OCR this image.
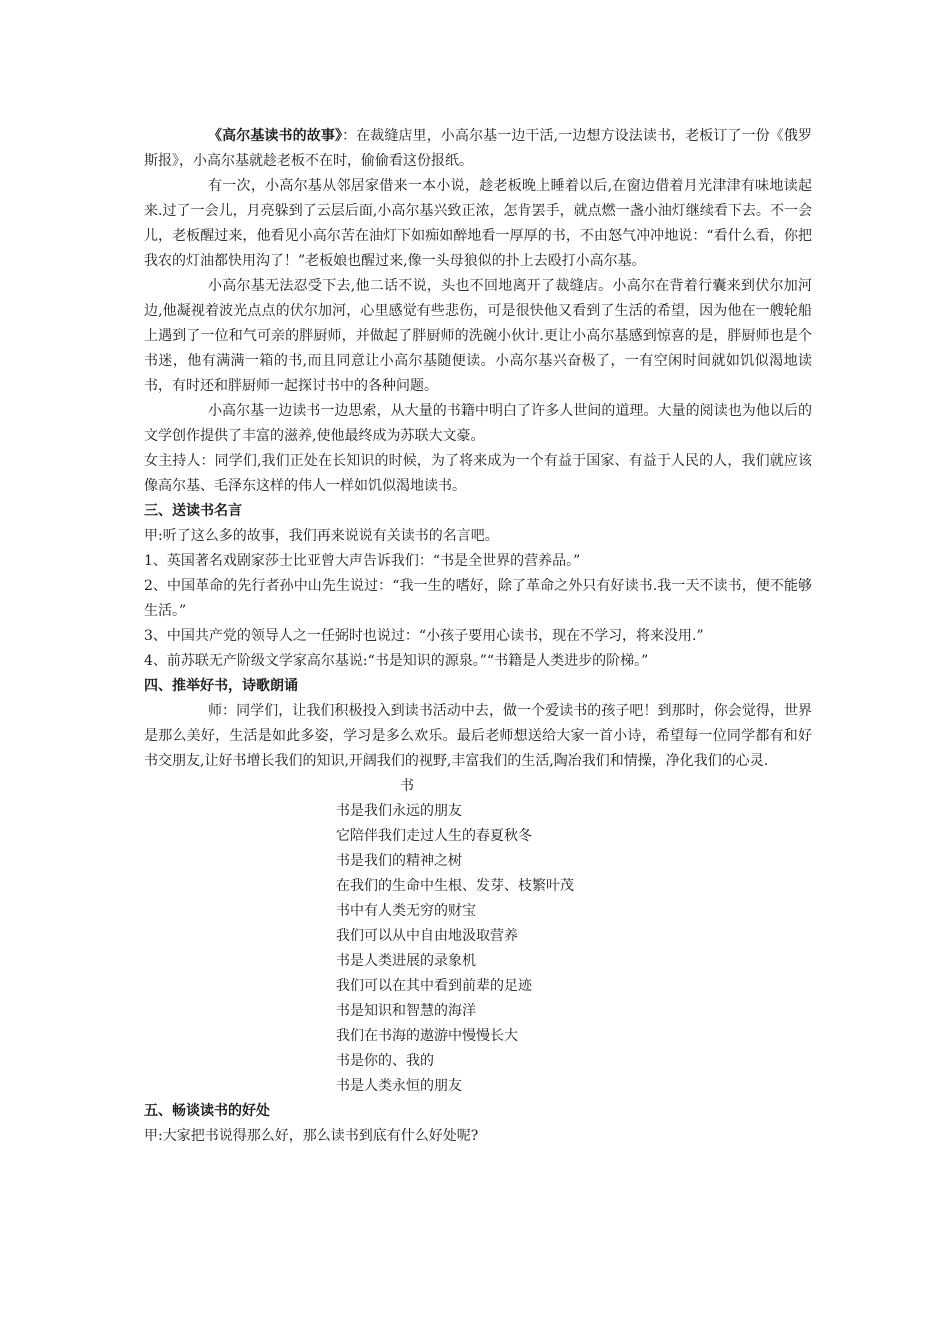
《高尔基读书的故事》：在裁缝店里，小高尔基一边干活,一边想方设法读书，老板订了一份《俄罗斯报》，小高尔基就趁老板不在时，偷偷看这份报纸。

有一次，小高尔基从邻居家借来一本小说，趁老板晚上睡着以后,在窗边借着月光津津有味地读起来.过了一会儿，月亮躲到了云层后面,小高尔基兴致正浓，怎肯罢手，就点燃一盏小油灯继续看下去。不一会儿，老板醒过来，他看见小高尔苦在油灯下如痴如醉地看一厚厚的书，不由怒气冲冲地说：“看什么看，你把我农的灯油都快用沟了！”老板娘也醒过来,像一头母狼似的扑上去殴打小高尔基。

小高尔基无法忍受下去,他二话不说，头也不回地离开了裁缝店。小高尔在背着行囊来到伏尔加河边,他凝视着波光点点的伏尔加河，心里感觉有些悲伤，可是很快他又看到了生活的希望，因为他在一艘轮船上遇到了一位和气可亲的胖厨师，并做起了胖厨师的洗碗小伙计.更让小高尔基感到惊喜的是，胖厨师也是个书迷，他有满满一箱的书,而且同意让小高尔基随便读。小高尔基兴奋极了，一有空闲时间就如饥似渴地读书，有时还和胖厨师一起探讨书中的各种问题。

小高尔基一边读书一边思索，从大量的书籍中明白了许多人世间的道理。大量的阅读也为他以后的文学创作提供了丰富的滋养,使他最终成为苏联大文豪。

女主持人：同学们,我们正处在长知识的时候，为了将来成为一个有益于国家、有益于人民的人，我们就应该像高尔基、毛泽东这样的伟人一样如饥似渴地读书。

三、送读书名言

甲:听了这么多的故事，我们再来说说有关读书的名言吧。

1、英国著名戏剧家莎士比亚曾大声告诉我们：“书是全世界的营养品。”

2、中国革命的先行者孙中山先生说过：“我一生的嗜好，除了革命之外只有好读书.我一天不读书，便不能够生活。”

3、中国共产党的领导人之一任弼时也说过：“小孩子要用心读书，现在不学习，将来没用.”

4、前苏联无产阶级文学家高尔基说:“书是知识的源泉。”“书籍是人类进步的阶梯。”

四、推举好书，诗歌朗诵

师：同学们，让我们积极投入到读书活动中去，做一个爱读书的孩子吧！到那时，你会觉得，世界是那么美好，生活是如此多姿，学习是多么欢乐。最后老师想送给大家一首小诗，希望每一位同学都有和好书交朋友,让好书增长我们的知识,开阔我们的视野,丰富我们的生活,陶冶我们和情操，净化我们的心灵.

书

书是我们永远的朋友

它陪伴我们走过人生的春夏秋冬

书是我们的精神之树

在我们的生命中生根、发芽、枝繁叶茂

书中有人类无穷的财宝

我们可以从中自由地汲取营养

书是人类进展的录象机

我们可以在其中看到前辈的足迹

书是知识和智慧的海洋

我们在书海的遨游中慢慢长大

书是你的、我的

书是人类永恒的朋友

五、畅谈读书的好处

甲:大家把书说得那么好，那么读书到底有什么好处呢?
